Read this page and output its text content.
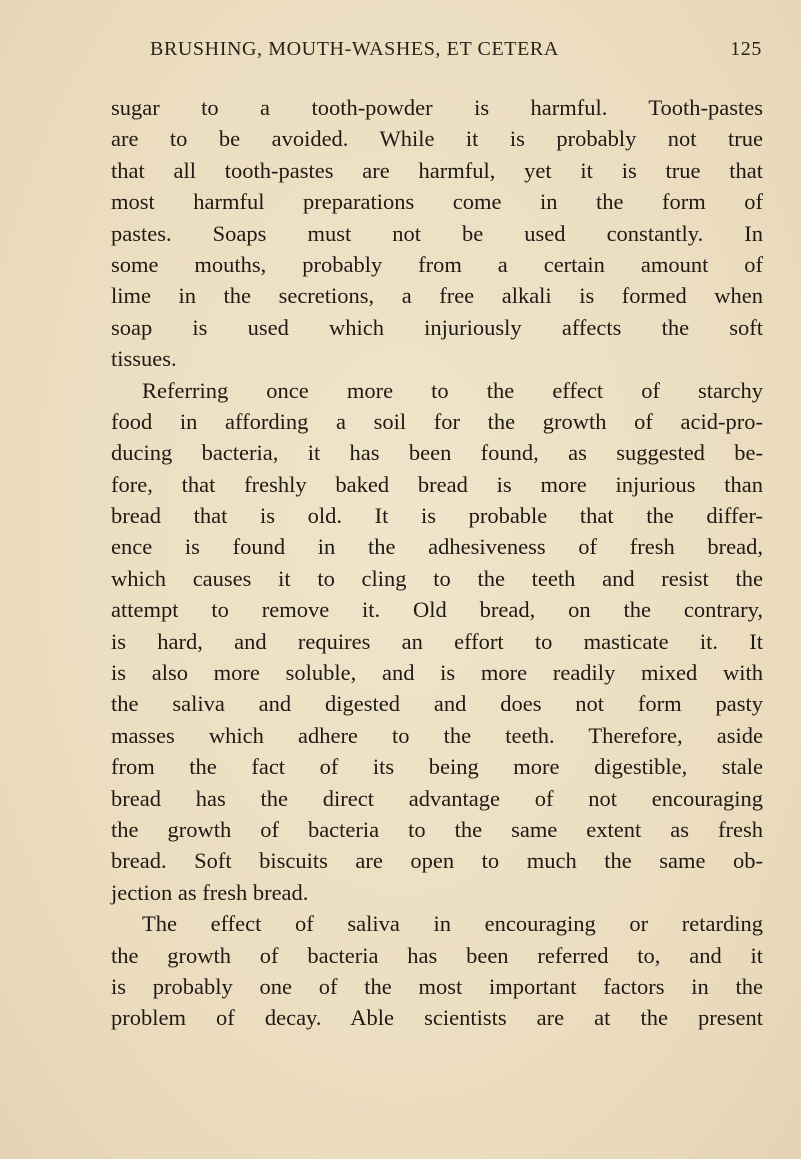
BRUSHING, MOUTH-WASHES, ET CETERA	125
sugar to a tooth-powder is harmful. Tooth-pastes
are to be avoided. While it is probably not true
that all tooth-pastes are harmful, yet it is true that
most harmful preparations come in the form of
pastes. Soaps must not be used constantly. In
some mouths, probably from a certain amount of
lime in the secretions, a free alkali is formed when
soap is used which injuriously affects the soft
tissues.
Referring once more to the effect of starchy
food in affording a soil for the growth of acid-pro-
ducing bacteria, it has been found, as suggested be-
fore, that freshly baked bread is more injurious than
bread that is old. It is probable that the differ-
ence is found in the adhesiveness of fresh bread,
which causes it to cling to the teeth and resist the
attempt to remove it. Old bread, on the contrary,
is hard, and requires an effort to masticate it. It
is also more soluble, and is more readily mixed with
the saliva and digested and does not form pasty
masses which adhere to the teeth. Therefore, aside
from the fact of its being more digestible, stale
bread has the direct advantage of not encouraging
the growth of bacteria to the same extent as fresh
bread. Soft biscuits are open to much the same ob-
jection as fresh bread.
The effect of saliva in encouraging or retarding
the growth of bacteria has been referred to, and it
is probably one of the most important factors in the
problem of decay. Able scientists are at the present
